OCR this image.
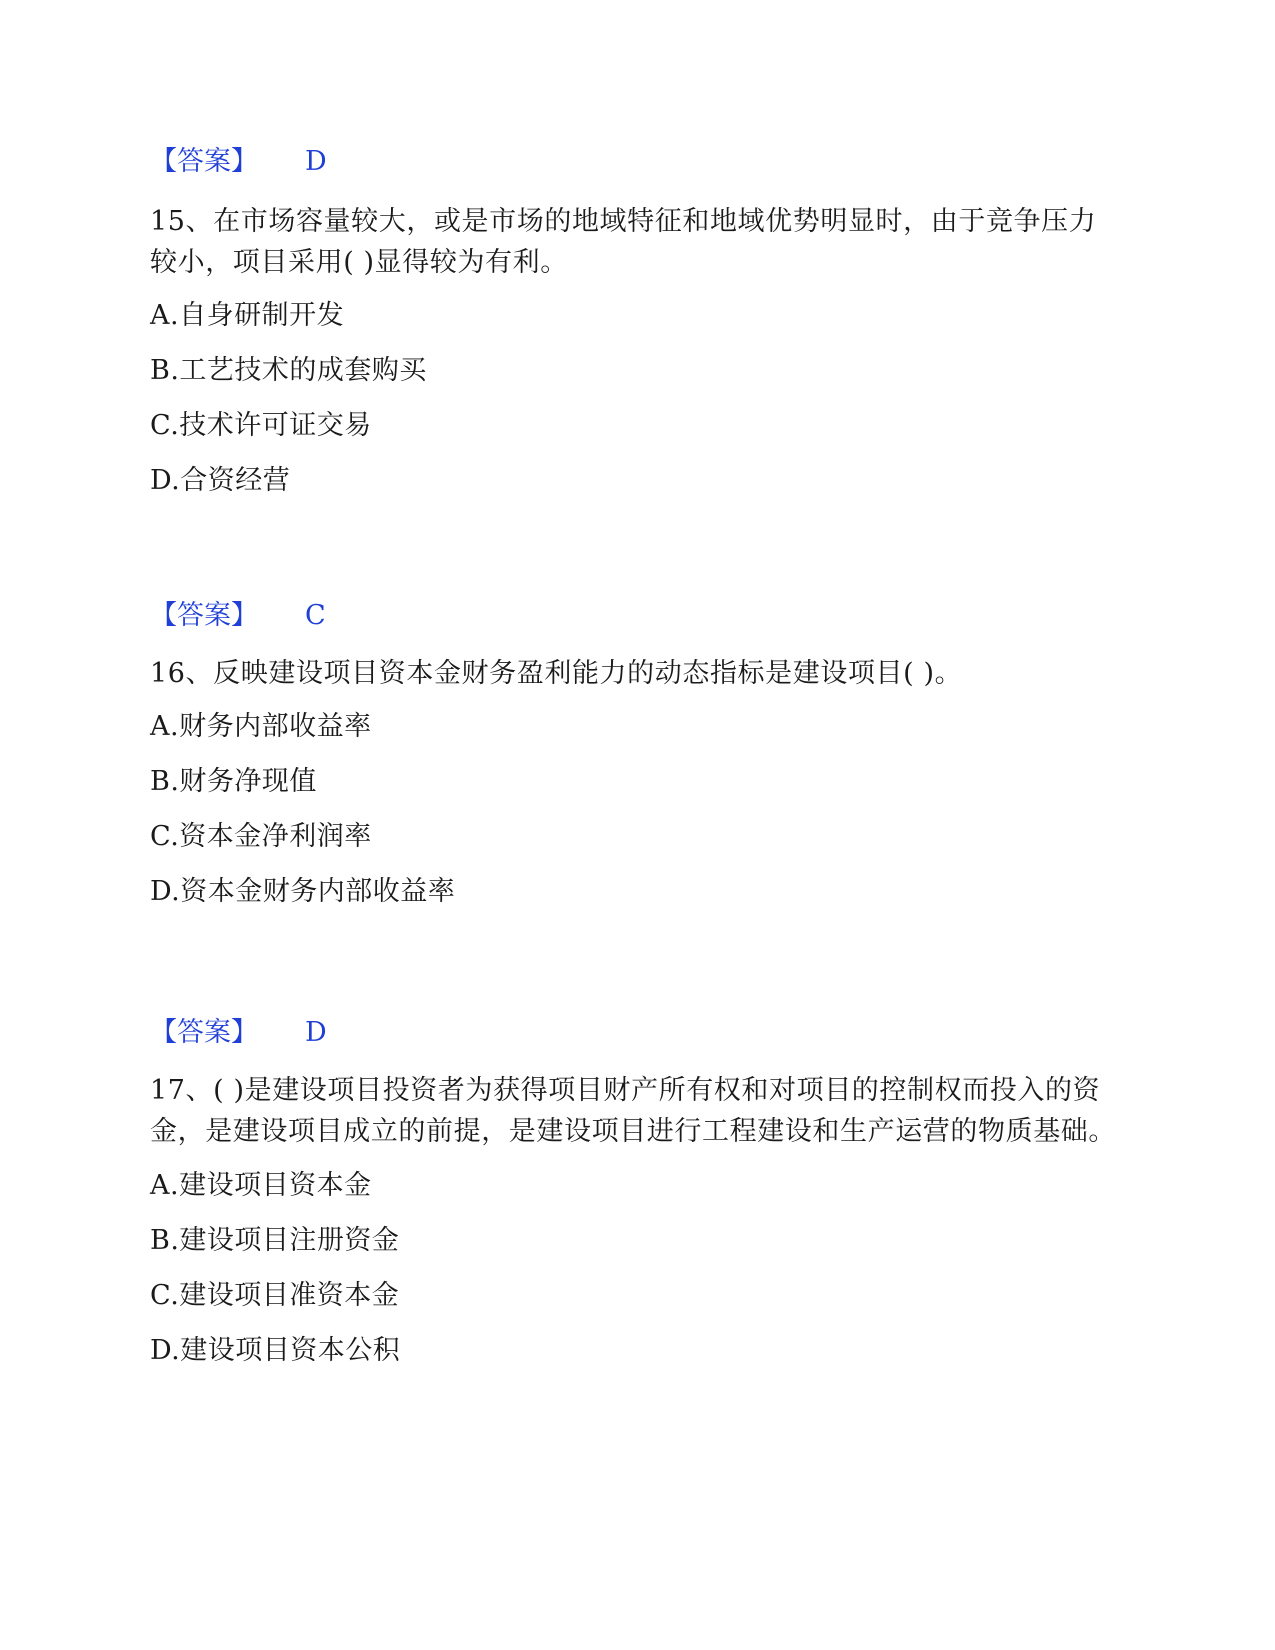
【答案】 D
15、在市场容量较大，或是市场的地域特征和地域优势明显时，由于竞争压力较小，项目采用( )显得较为有利。
A.自身研制开发
B.工艺技术的成套购买
C.技术许可证交易
D.合资经营
【答案】 C
16、反映建设项目资本金财务盈利能力的动态指标是建设项目( )。
A.财务内部收益率
B.财务净现值
C.资本金净利润率
D.资本金财务内部收益率
【答案】 D
17、( )是建设项目投资者为获得项目财产所有权和对项目的控制权而投入的资金，是建设项目成立的前提，是建设项目进行工程建设和生产运营的物质基础。
A.建设项目资本金
B.建设项目注册资金
C.建设项目准资本金
D.建设项目资本公积
